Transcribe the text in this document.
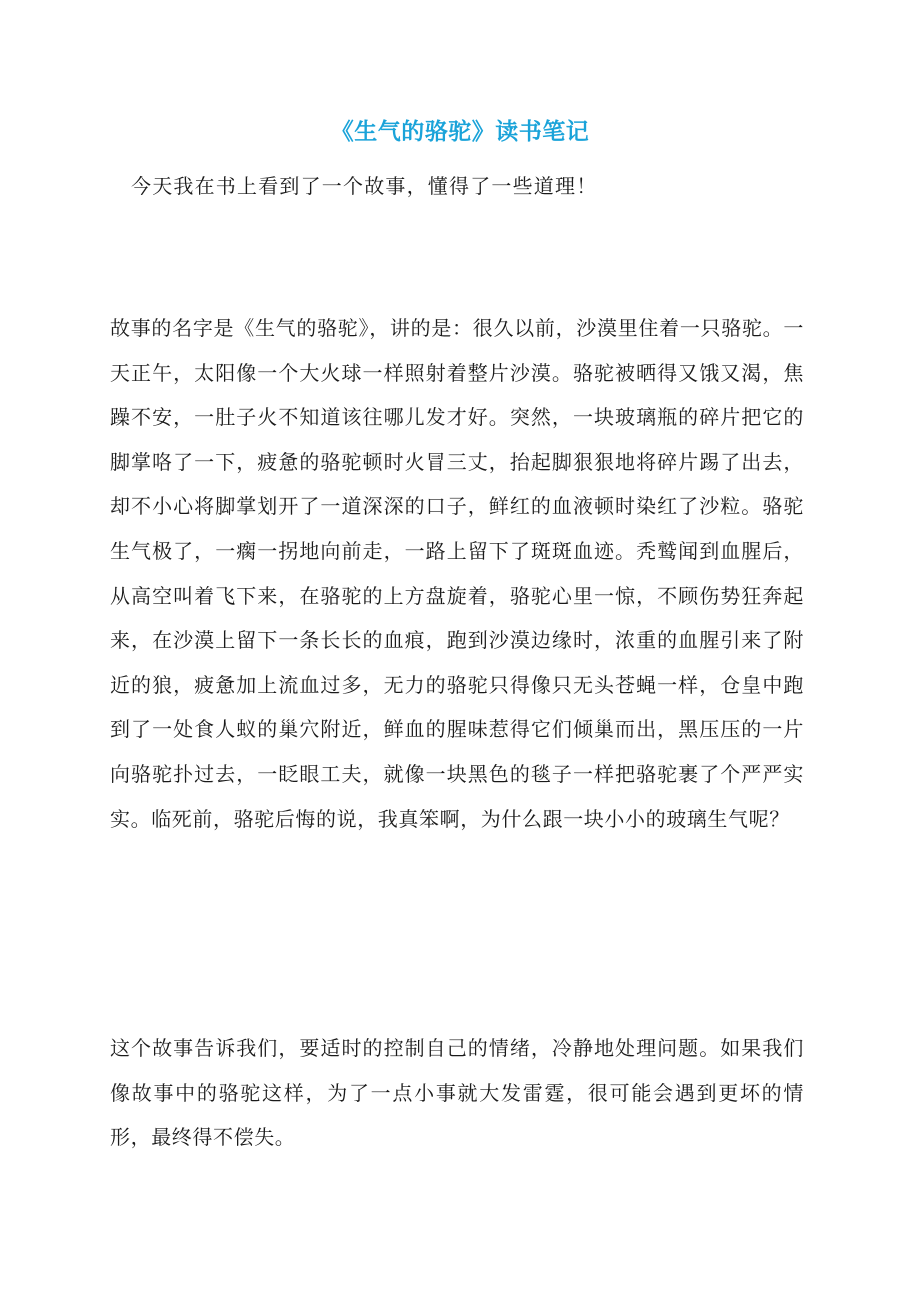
《生气的骆驼》读书笔记
今天我在书上看到了一个故事，懂得了一些道理！
故事的名字是《生气的骆驼》，讲的是：很久以前，沙漠里住着一只骆驼。一天正午，太阳像一个大火球一样照射着整片沙漠。骆驼被晒得又饿又渴，焦躁不安，一肚子火不知道该往哪儿发才好。突然，一块玻璃瓶的碎片把它的脚掌咯了一下，疲惫的骆驼顿时火冒三丈，抬起脚狠狠地将碎片踢了出去，却不小心将脚掌划开了一道深深的口子，鲜红的血液顿时染红了沙粒。骆驼生气极了，一瘸一拐地向前走，一路上留下了斑斑血迹。秃鹫闻到血腥后，从高空叫着飞下来，在骆驼的上方盘旋着，骆驼心里一惊，不顾伤势狂奔起来，在沙漠上留下一条长长的血痕，跑到沙漠边缘时，浓重的血腥引来了附近的狼，疲惫加上流血过多，无力的骆驼只得像只无头苍蝇一样，仓皇中跑到了一处食人蚁的巢穴附近，鲜血的腥味惹得它们倾巢而出，黑压压的一片向骆驼扑过去，一眨眼工夫，就像一块黑色的毯子一样把骆驼裹了个严严实实。临死前，骆驼后悔的说，我真笨啊，为什么跟一块小小的玻璃生气呢？
这个故事告诉我们，要适时的控制自己的情绪，冷静地处理问题。如果我们像故事中的骆驼这样，为了一点小事就大发雷霆，很可能会遇到更坏的情形，最终得不偿失。
